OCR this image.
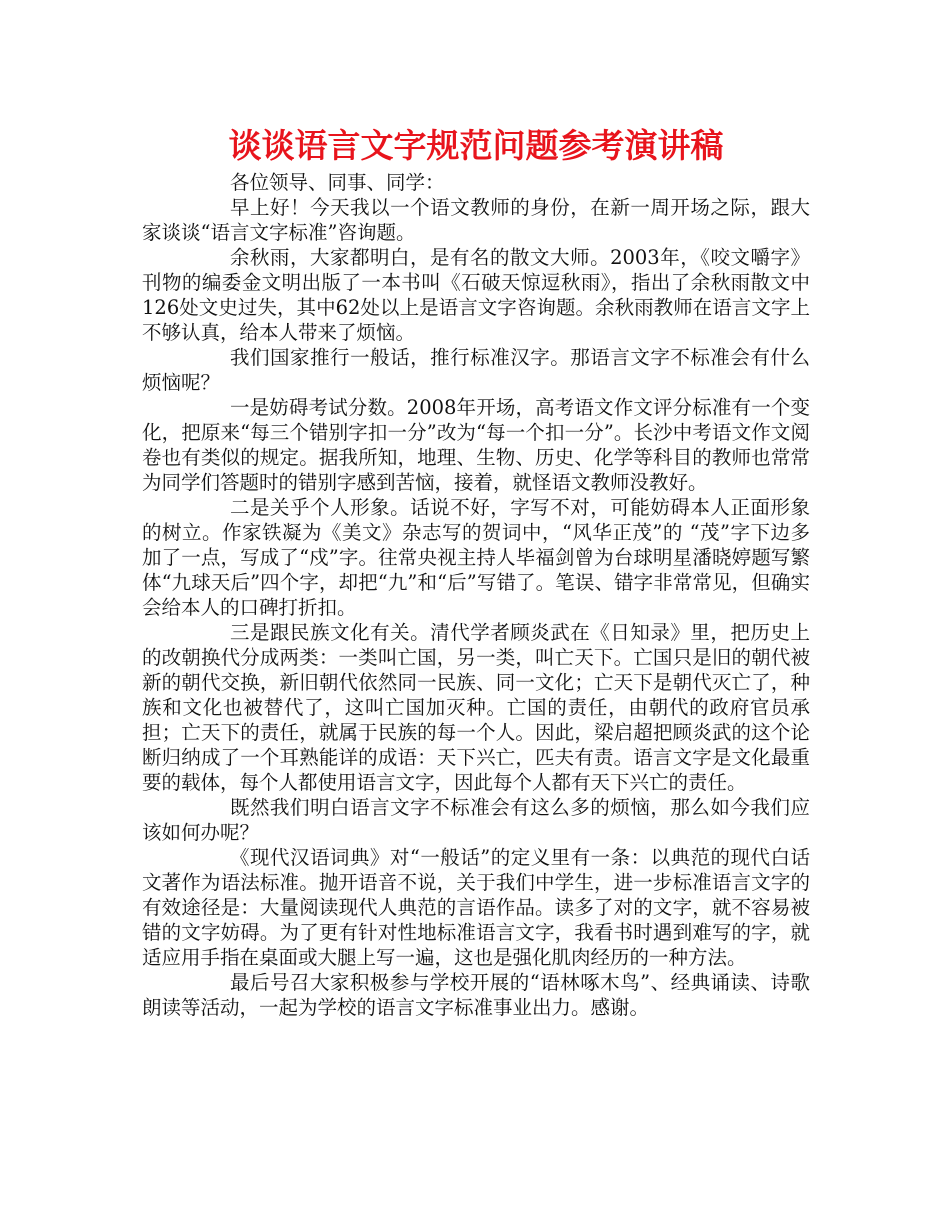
谈谈语言文字规范问题参考演讲稿

各位领导、同事、同学：

早上好！今天我以一个语文教师的身份，在新一周开场之际，跟大家谈谈“语言文字标准”咨询题。

余秋雨，大家都明白，是有名的散文大师。2003年，《咬文嚼字》刊物的编委金文明出版了一本书叫《石破天惊逗秋雨》，指出了余秋雨散文中126处文史过失，其中62处以上是语言文字咨询题。余秋雨教师在语言文字上不够认真，给本人带来了烦恼。

我们国家推行一般话，推行标准汉字。那语言文字不标准会有什么烦恼呢？

一是妨碍考试分数。2008年开场，高考语文作文评分标准有一个变化，把原来“每三个错别字扣一分”改为“每一个扣一分”。长沙中考语文作文阅卷也有类似的规定。据我所知，地理、生物、历史、化学等科目的教师也常常为同学们答题时的错别字感到苦恼，接着，就怪语文教师没教好。

二是关乎个人形象。话说不好，字写不对，可能妨碍本人正面形象的树立。作家铁凝为《美文》杂志写的贺词中，“风华正茂”的 “茂”字下边多加了一点，写成了“戍”字。往常央视主持人毕福剑曾为台球明星潘晓婷题写繁体“九球天后”四个字，却把“九”和“后”写错了。笔误、错字非常常见，但确实会给本人的口碑打折扣。

三是跟民族文化有关。清代学者顾炎武在《日知录》里，把历史上的改朝换代分成两类：一类叫亡国，另一类，叫亡天下。亡国只是旧的朝代被新的朝代交换，新旧朝代依然同一民族、同一文化；亡天下是朝代灭亡了，种族和文化也被替代了，这叫亡国加灭种。亡国的责任，由朝代的政府官员承担；亡天下的责任，就属于民族的每一个人。因此，梁启超把顾炎武的这个论断归纳成了一个耳熟能详的成语：天下兴亡，匹夫有责。语言文字是文化最重要的载体，每个人都使用语言文字，因此每个人都有天下兴亡的责任。

既然我们明白语言文字不标准会有这么多的烦恼，那么如今我们应该如何办呢？

《现代汉语词典》对“一般话”的定义里有一条：以典范的现代白话文著作为语法标准。抛开语音不说，关于我们中学生，进一步标准语言文字的有效途径是：大量阅读现代人典范的言语作品。读多了对的文字，就不容易被错的文字妨碍。为了更有针对性地标准语言文字，我看书时遇到难写的字，就适应用手指在桌面或大腿上写一遍，这也是强化肌肉经历的一种方法。

最后号召大家积极参与学校开展的“语林啄木鸟”、经典诵读、诗歌朗读等活动，一起为学校的语言文字标准事业出力。感谢。
